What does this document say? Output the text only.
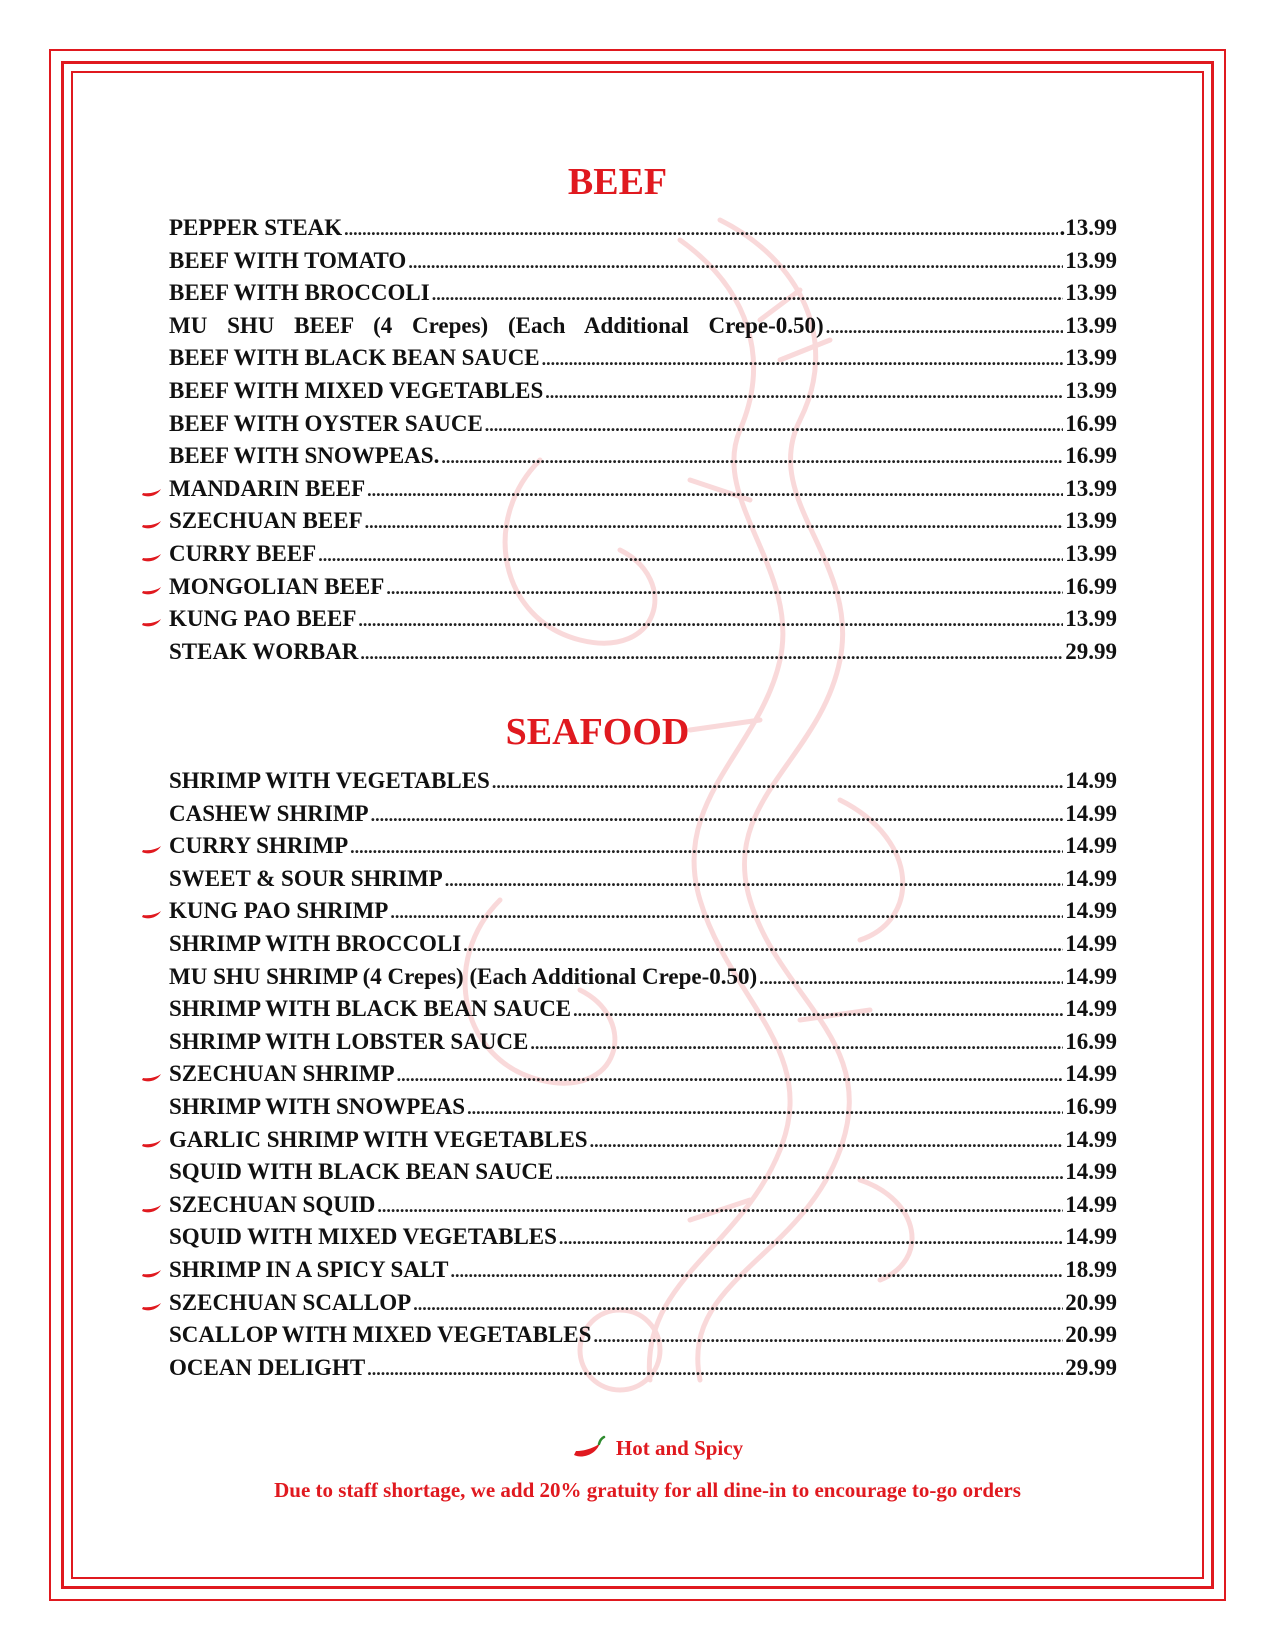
BEEF
PEPPER STEAK .....	.13.99
BEEF WITH TOMATO .....	13.99
BEEF WITH BROCCOLI .....	13.99
MU SHU BEEF (4 Crepes) (Each Additional Crepe-0.50) .....	13.99
BEEF WITH BLACK BEAN SAUCE .....	13.99
BEEF WITH MIXED VEGETABLES .....	13.99
BEEF WITH OYSTER SAUCE .....	16.99
BEEF WITH SNOWPEAS. .....	16.99
MANDARIN BEEF .....	13.99
SZECHUAN BEEF .....	13.99
CURRY BEEF .....	13.99
MONGOLIAN BEEF .....	16.99
KUNG PAO BEEF .....	13.99
STEAK WORBAR .....	29.99
SEAFOOD
SHRIMP WITH VEGETABLES .....	14.99
CASHEW SHRIMP .....	14.99
CURRY SHRIMP .....	14.99
SWEET & SOUR SHRIMP .....	14.99
KUNG PAO SHRIMP .....	14.99
SHRIMP WITH BROCCOLI .....	14.99
MU SHU SHRIMP (4 Crepes) (Each Additional Crepe-0.50) .....	14.99
SHRIMP WITH BLACK BEAN SAUCE .....	14.99
SHRIMP WITH LOBSTER SAUCE .....	16.99
SZECHUAN SHRIMP .....	14.99
SHRIMP WITH SNOWPEAS .....	16.99
GARLIC SHRIMP WITH VEGETABLES .....	14.99
SQUID WITH BLACK BEAN SAUCE .....	14.99
SZECHUAN SQUID .....	14.99
SQUID WITH MIXED VEGETABLES .....	14.99
SHRIMP IN A SPICY SALT .....	18.99
SZECHUAN SCALLOP .....	20.99
SCALLOP WITH MIXED VEGETABLES .....	20.99
OCEAN DELIGHT .....	29.99
Hot and Spicy

Due to staff shortage, we add 20% gratuity for all dine-in to encourage to-go orders
